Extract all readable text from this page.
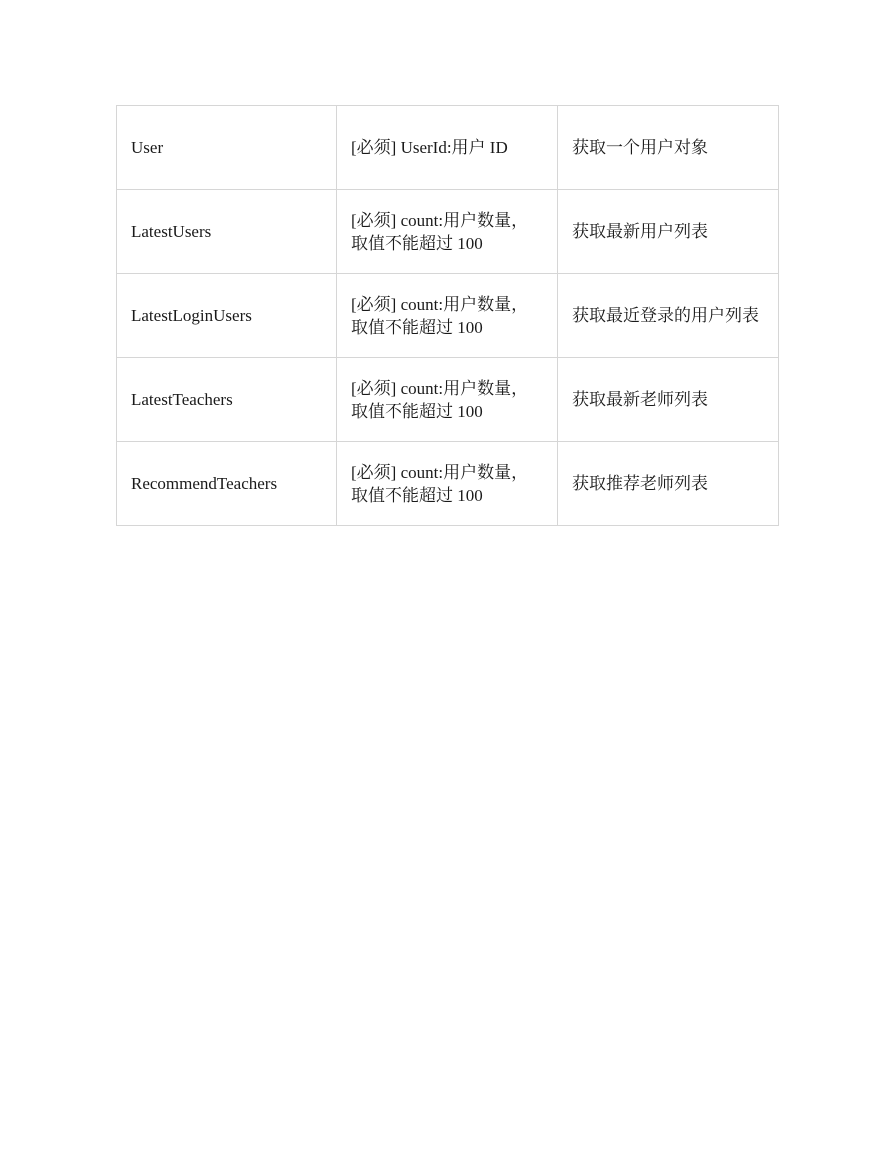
User	[必须] UserId:用户 ID	获取一个用户对象
LatestUsers	[必须] count:用户数量，取值不能超过 100	获取最新用户列表
LatestLoginUsers	[必须] count:用户数量，取值不能超过 100	获取最近登录的用户列表
LatestTeachers	[必须] count:用户数量，取值不能超过 100	获取最新老师列表
RecommendTeachers	[必须] count:用户数量，取值不能超过 100	获取推荐老师列表
